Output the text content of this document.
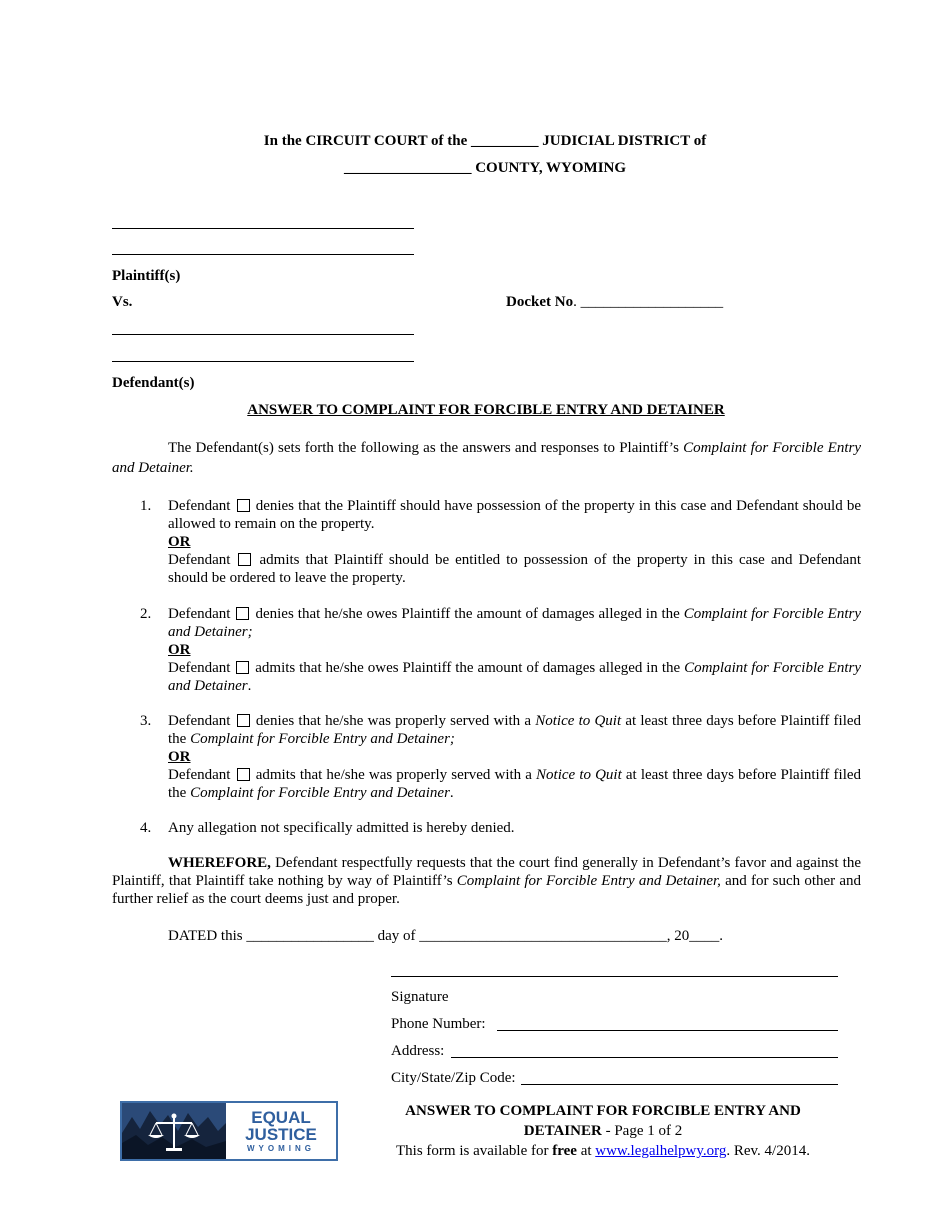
In the CIRCUIT COURT of the _________ JUDICIAL DISTRICT of
_________________ COUNTY, WYOMING
Plaintiff(s)
Vs.	Docket No. ___________________
Defendant(s)
ANSWER TO COMPLAINT FOR FORCIBLE ENTRY AND DETAINER
The Defendant(s) sets forth the following as the answers and responses to Plaintiff’s Complaint for Forcible Entry and Detainer.
1. Defendant denies that the Plaintiff should have possession of the property in this case and Defendant should be allowed to remain on the property.
OR
Defendant admits that Plaintiff should be entitled to possession of the property in this case and Defendant should be ordered to leave the property.
2. Defendant denies that he/she owes Plaintiff the amount of damages alleged in the Complaint for Forcible Entry and Detainer;
OR
Defendant admits that he/she owes Plaintiff the amount of damages alleged in the Complaint for Forcible Entry and Detainer.
3. Defendant  denies that he/she was properly served with a Notice to Quit at least three days before Plaintiff filed the Complaint for Forcible Entry and Detainer;
OR
Defendant admits that he/she was properly served with a Notice to Quit at least three days before Plaintiff filed the Complaint for Forcible Entry and Detainer.
4. Any allegation not specifically admitted is hereby denied.
WHEREFORE, Defendant respectfully requests that the court find generally in Defendant’s favor and against the Plaintiff, that Plaintiff take nothing by way of Plaintiff’s Complaint for Forcible Entry and Detainer, and for such other and further relief as the court deems just and proper.
DATED this _________________ day of _________________________________, 20____.
Signature
Phone Number:
Address:
City/State/Zip Code:
EQUAL
JUSTICE
WYOMING
ANSWER TO COMPLAINT FOR FORCIBLE ENTRY AND
DETAINER - Page 1 of 2
This form is available for free at www.legalhelpwy.org. Rev. 4/2014.
